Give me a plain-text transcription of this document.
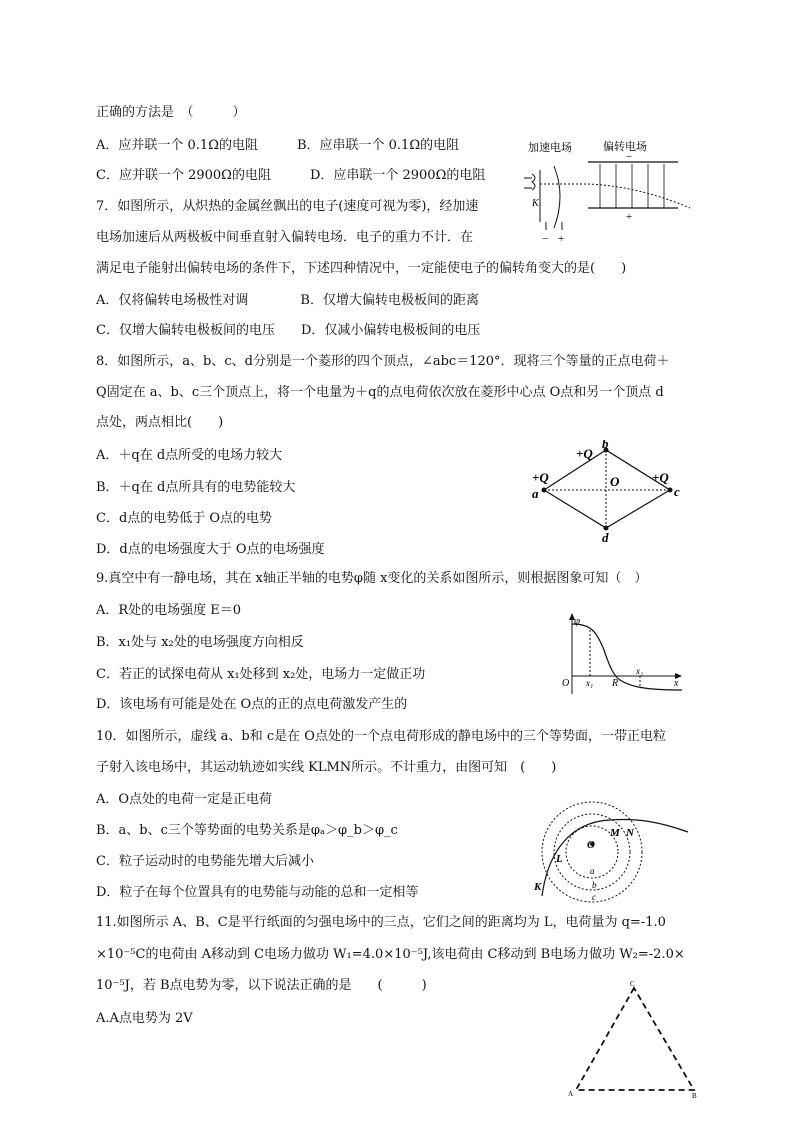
正确的方法是　（　　　）
A．应并联一个 0.1Ω的电阻　　　B．应串联一个 0.1Ω的电阻
C．应并联一个 2900Ω的电阻　　　D．应串联一个 2900Ω的电阻
7．如图所示，从炽热的金属丝飘出的电子(速度可视为零)，经加速
电场加速后从两极板中间垂直射入偏转电场．电子的重力不计．在
满足电子能射出偏转电场的条件下，下述四种情况中，一定能使电子的偏转角变大的是(　　)
A．仅将偏转电场极性对调　　　　B．仅增大偏转电极板间的距离
C．仅增大偏转电极板间的电压　　D．仅减小偏转电极板间的电压
8．如图所示，a、b、c、d分别是一个菱形的四个顶点，∠abc＝120°．现将三个等量的正点电荷＋
Q固定在 a、b、c三个顶点上，将一个电量为＋q的点电荷依次放在菱形中心点 O点和另一个顶点 d
点处，两点相比(　　)
A．＋q在 d点所受的电场力较大
B．＋q在 d点所具有的电势能较大
C．d点的电势低于 O点的电势
D．d点的电场强度大于 O点的电场强度
9.真空中有一静电场，其在 x轴正半轴的电势φ随 x变化的关系如图所示，则根据图象可知（　）
A．R处的电场强度 E＝0
B．x₁处与 x₂处的电场强度方向相反
C．若正的试探电荷从 x₁处移到 x₂处，电场力一定做正功
D．该电场有可能是处在 O点的正的点电荷激发产生的
10．如图所示，虚线 a、b和 c是在 O点处的一个点电荷形成的静电场中的三个等势面，一带正电粒
子射入该电场中，其运动轨迹如实线 KLMN所示。不计重力，由图可知　(　　)
A．O点处的电荷一定是正电荷
B．a、b、c三个等势面的电势关系是φₐ＞φ_b＞φ_c
C．粒子运动时的电势能先增大后减小
D．粒子在每个位置具有的电势能与动能的总和一定相等
11.如图所示 A、B、C是平行纸面的匀强电场中的三点，它们之间的距离均为 L，电荷量为 q=-1.0
×10⁻⁵C的电荷由 A移动到 C电场力做功 W₁=4.0×10⁻⁵J,该电荷由 C移动到 B电场力做功 W₂=-2.0×
10⁻⁵J，若 B点电势为零，以下说法正确的是　　(　　　)
A.A点电势为 2V
加速电场	偏转电场
K
− +
−
+
+Q
b
+Q
a
+Q
c
O
d
φ
O x₁ R
x₂
x
M N
O
L
K
a
b
c
C
A	B
